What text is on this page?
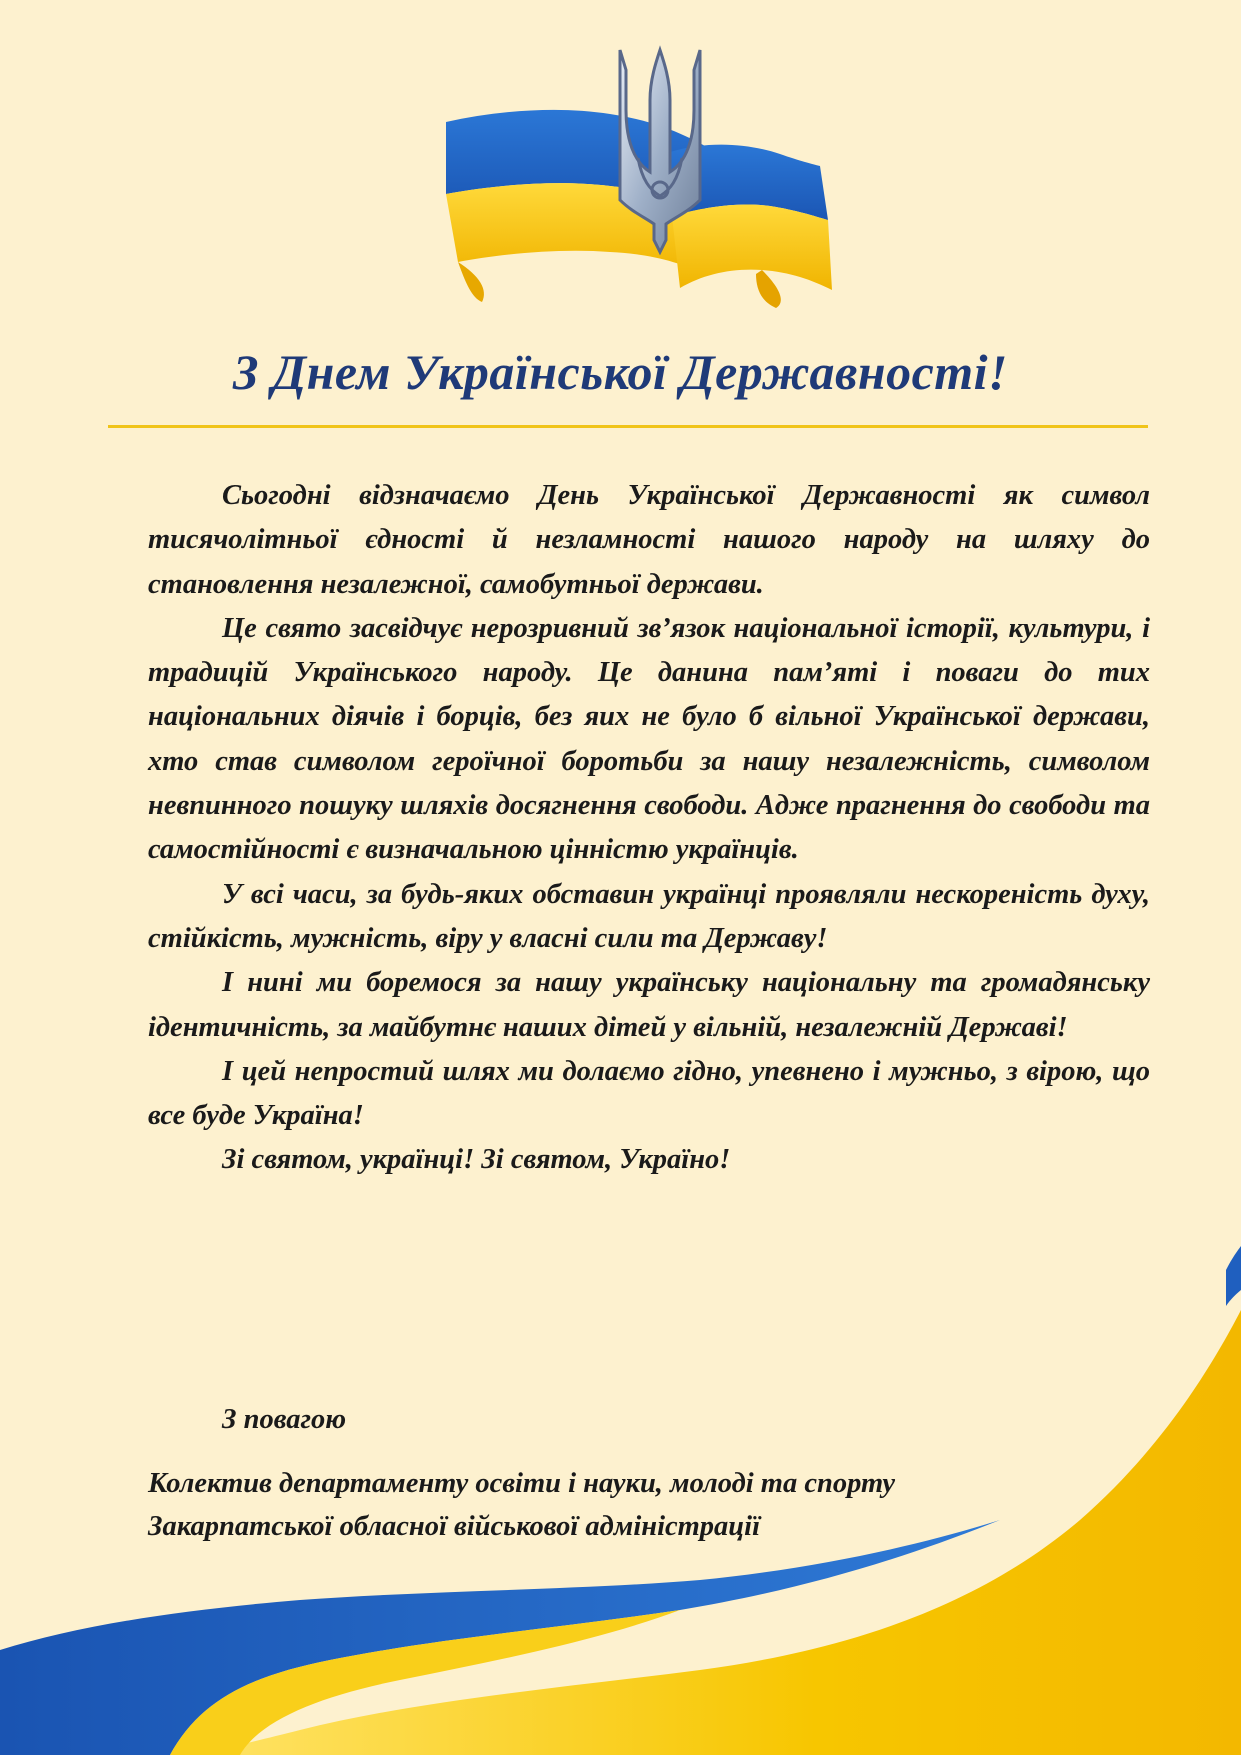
З Днем Української Державності!

Сьогодні відзначаємо День Української Державності як символ тисячолітньої єдності й незламності нашого народу на шляху до становлення незалежної, самобутньої держави.

Це свято засвідчує нерозривний зв’язок національної історії, культури, і традицій Українського народу. Це данина пам’яті і поваги до тих національних діячів і борців, без яих не було б вільної Української держави, хто став символом героїчної боротьби за нашу незалежність, символом невпинного пошуку шляхів досягнення свободи. Адже прагнення до свободи та самостійності є визначальною цінністю українців.

У всі часи, за будь-яких обставин українці проявляли нескореність духу, стійкість, мужність, віру у власні сили та Державу!

І нині ми боремося за нашу українську національну та громадянську ідентичність, за майбутнє наших дітей у вільній, незалежній Державі!

І цей непростий шлях ми долаємо гідно, упевнено і мужньо, з вірою, що все буде Україна!

Зі святом, українці! Зі святом, Україно!

З повагою
Колектив департаменту освіти і науки, молоді та спорту
Закарпатської обласної військової адміністрації
